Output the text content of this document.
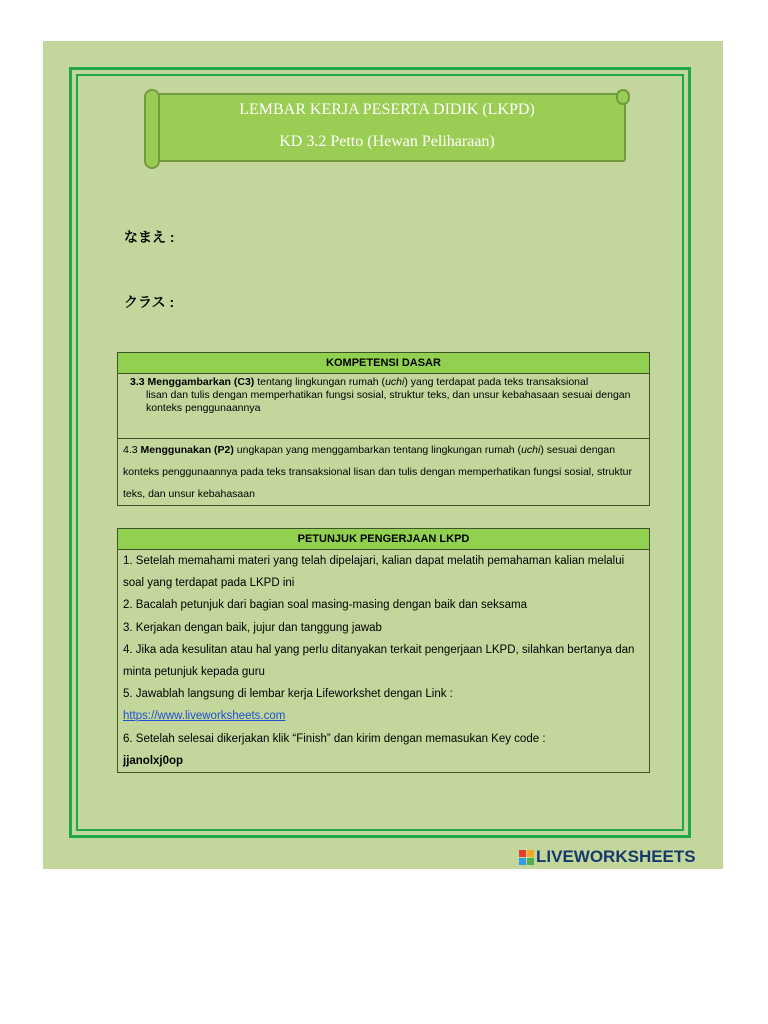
LEMBAR KERJA PESERTA DIDIK (LKPD)
KD 3.2 Petto (Hewan Peliharaan)
なまえ :
クラス :
KOMPETENSI DASAR
3.3 Menggambarkan (C3) tentang lingkungan rumah (uchi) yang terdapat pada teks transaksional
lisan dan tulis dengan memperhatikan fungsi sosial, struktur teks, dan unsur kebahasaan sesuai dengan konteks penggunaannya

4.3 Menggunakan (P2) ungkapan yang menggambarkan tentang lingkungan rumah (uchi) sesuai dengan konteks penggunaannya pada teks transaksional lisan dan tulis dengan memperhatikan fungsi sosial, struktur teks, dan unsur kebahasaan
PETUNJUK PENGERJAAN LKPD

1. Setelah memahami materi yang telah dipelajari, kalian dapat melatih pemahaman kalian melalui soal yang terdapat pada LKPD ini
2. Bacalah petunjuk dari bagian soal masing-masing dengan baik dan seksama
3. Kerjakan dengan baik, jujur dan tanggung jawab
4. Jika ada kesulitan atau hal yang perlu ditanyakan terkait pengerjaan LKPD, silahkan bertanya dan minta petunjuk kepada guru
5. Jawablah langsung di lembar kerja Lifeworkshet dengan Link :
https://www.liveworksheets.com
6. Setelah selesai dikerjakan klik “Finish” dan kirim dengan memasukan Key code :
jjanolxj0op
LIVEWORKSHEETS
